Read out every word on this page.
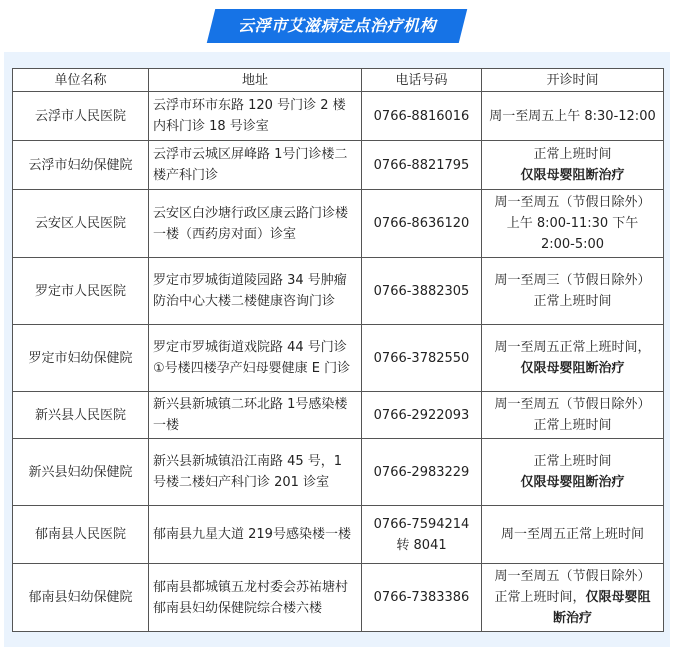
云浮市艾滋病定点治疗机构
单位名称	地址	电话号码	开诊时间
云浮市人民医院	云浮市环市东路 120 号门诊 2 楼内科门诊 18 号诊室	0766-8816016	周一至周五上午 8:30-12:00

云浮市妇幼保健院	云浮市云城区屏峰路 1号门诊楼二楼产科门诊	0766-8821795	正常上班时间
仅限母婴阻断治疗

云安区人民医院	云安区白沙塘行政区康云路门诊楼一楼（西药房对面）诊室	0766-8636120	周一至周五（节假日除外）
上午 8:00-11:30 下午
2:00-5:00

罗定市人民医院	罗定市罗城街道陵园路 34 号肿瘤防治中心大楼二楼健康咨询门诊	0766-3882305	周一至周三（节假日除外）
正常上班时间

罗定市妇幼保健院	罗定市罗城街道戏院路 44 号门诊①号楼四楼孕产妇母婴健康 E 门诊	0766-3782550	周一至周五正常上班时间，
仅限母婴阻断治疗

新兴县人民医院	新兴县新城镇二环北路 1号感染楼一楼	0766-2922093	周一至周五（节假日除外）
正常上班时间

新兴县妇幼保健院	新兴县新城镇沿江南路 45 号，1 号楼二楼妇产科门诊 201 诊室	0766-2983229	正常上班时间
仅限母婴阻断治疗

郁南县人民医院	郁南县九星大道 219号感染楼一楼	0766-7594214
转 8041	周一至周五正常上班时间

郁南县妇幼保健院	郁南县都城镇五龙村委会苏祐塘村郁南县妇幼保健院综合楼六楼	0766-7383386	周一至周五（节假日除外）
正常上班时间，仅限母婴阻
断治疗
